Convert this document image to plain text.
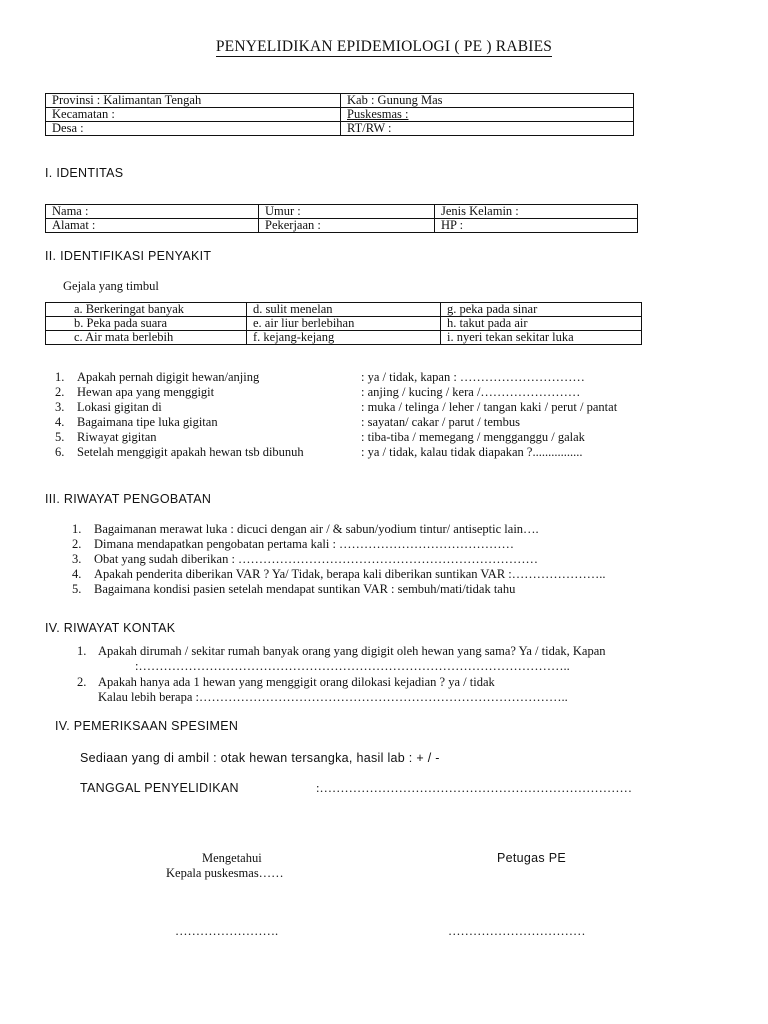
PENYELIDIKAN EPIDEMIOLOGI ( PE ) RABIES
Provinsi : Kalimantan Tengah	Kab : Gunung Mas
Kecamatan :	Puskesmas :
Desa :	RT/RW :
I. IDENTITAS
Nama :	Umur :	Jenis Kelamin :
Alamat :	Pekerjaan :	HP :
II. IDENTIFIKASI PENYAKIT
Gejala yang timbul
a. Berkeringat banyak	d. sulit menelan	g. peka pada sinar
b. Peka pada suara	e. air liur berlebihan	h. takut pada air
c. Air mata berlebih	f. kejang-kejang	i. nyeri tekan sekitar luka
1. Apakah pernah digigit hewan/anjing	: ya / tidak, kapan : …………………………
2. Hewan apa yang menggigit	: anjing / kucing / kera /……………………
3. Lokasi gigitan di	: muka / telinga / leher / tangan kaki / perut / pantat
4. Bagaimana tipe luka gigitan	: sayatan/ cakar / parut / tembus
5. Riwayat gigitan	: tiba-tiba / memegang / mengganggu / galak
6. Setelah menggigit apakah hewan tsb dibunuh	: ya / tidak, kalau tidak diapakan ?................
III. RIWAYAT PENGOBATAN
1. Bagaimanan merawat luka : dicuci dengan air / & sabun/yodium tintur/ antiseptic lain….
2. Dimana mendapatkan pengobatan pertama kali : ……………………………………
3. Obat yang sudah diberikan : ………………………………………………………………
4. Apakah penderita diberikan VAR ? Ya/ Tidak, berapa kali diberikan suntikan VAR :…………………..
5. Bagaimana kondisi pasien setelah mendapat suntikan VAR : sembuh/mati/tidak tahu
IV. RIWAYAT KONTAK
1. Apakah dirumah / sekitar rumah banyak orang yang digigit oleh hewan yang sama? Ya / tidak, Kapan
:…………………………………………………………………………………………..
2. Apakah hanya ada 1 hewan yang menggigit orang dilokasi kejadian ? ya / tidak
Kalau lebih berapa :……………………………………………………………………………..
IV. PEMERIKSAAN SPESIMEN
Sediaan yang di ambil : otak hewan tersangka, hasil lab : + / -
TANGGAL PENYELIDIKAN	:…………………………………………………………………
Mengetahui
Kepala puskesmas……
Petugas PE
…………………….	……………………………
